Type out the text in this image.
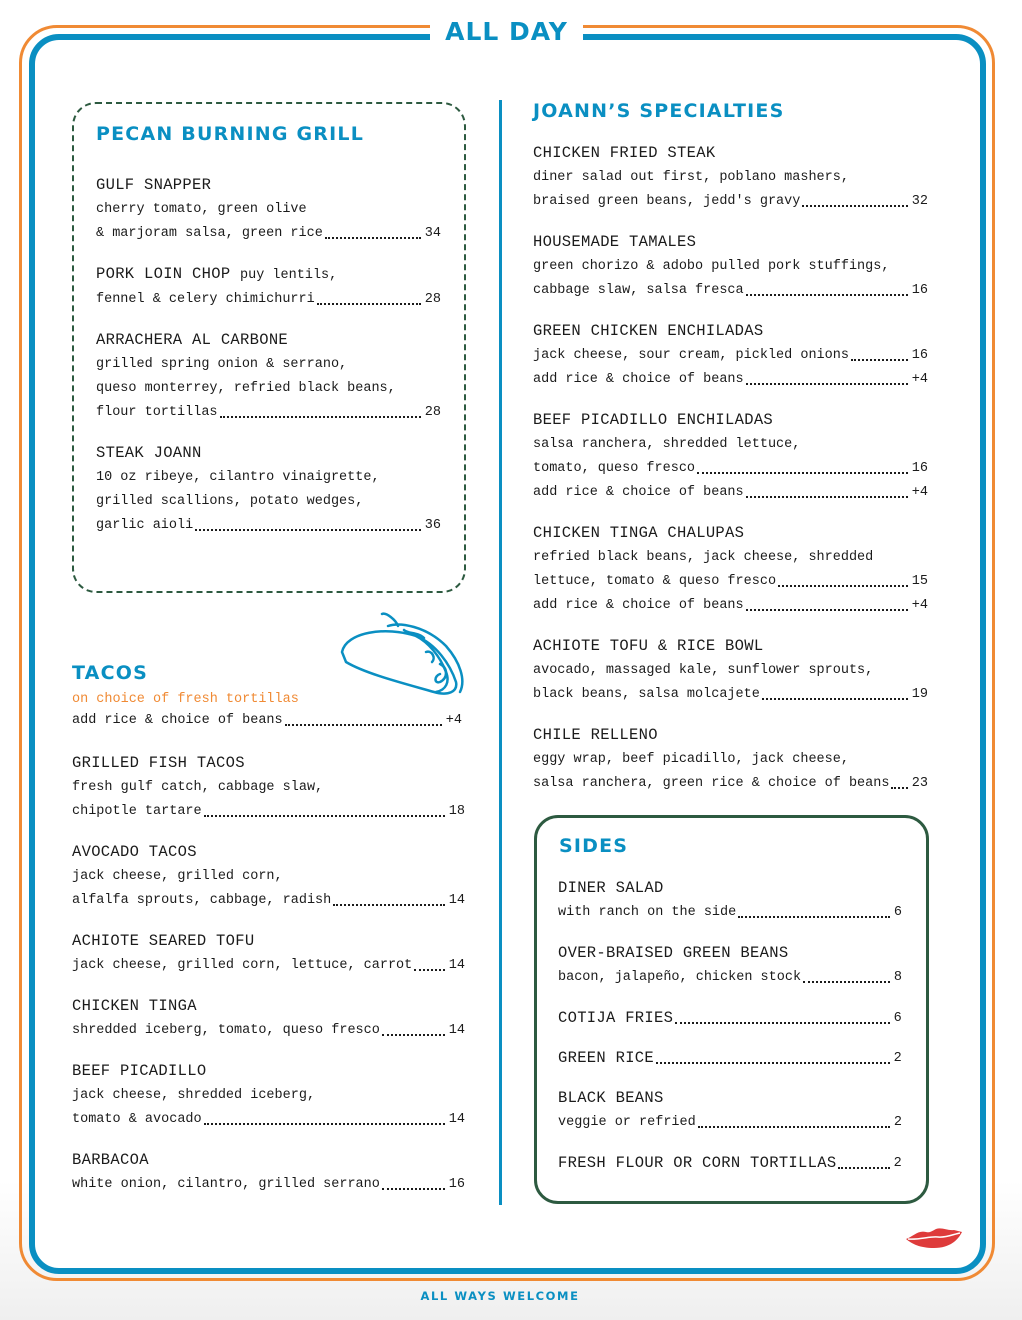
ALL DAY
PECAN BURNING GRILL
GULF SNAPPER
cherry tomato, green olive
& marjoram salsa, green rice	34
PORK LOIN CHOP puy lentils,
fennel & celery chimichurri	28
ARRACHERA AL CARBONE
grilled spring onion & serrano,
queso monterrey, refried black beans,
flour tortillas	28
STEAK JOANN
10 oz ribeye, cilantro vinaigrette,
grilled scallions, potato wedges,
garlic aioli	36
TACOS
on choice of fresh tortillas
add rice & choice of beans	+4
GRILLED FISH TACOS
fresh gulf catch, cabbage slaw,
chipotle tartare	18
AVOCADO TACOS
jack cheese, grilled corn,
alfalfa sprouts, cabbage, radish	14
ACHIOTE SEARED TOFU
jack cheese, grilled corn, lettuce, carrot	14
CHICKEN TINGA
shredded iceberg, tomato, queso fresco	14
BEEF PICADILLO
jack cheese, shredded iceberg,
tomato & avocado	14
BARBACOA
white onion, cilantro, grilled serrano	16
JOANN’S SPECIALTIES
CHICKEN FRIED STEAK
diner salad out first, poblano mashers,
braised green beans, jedd's gravy	32
HOUSEMADE TAMALES
green chorizo & adobo pulled pork stuffings,
cabbage slaw, salsa fresca	16
GREEN CHICKEN ENCHILADAS
jack cheese, sour cream, pickled onions	16
add rice & choice of beans	+4
BEEF PICADILLO ENCHILADAS
salsa ranchera, shredded lettuce,
tomato, queso fresco	16
add rice & choice of beans	+4
CHICKEN TINGA CHALUPAS
refried black beans, jack cheese, shredded
lettuce, tomato & queso fresco	15
add rice & choice of beans	+4
ACHIOTE TOFU & RICE BOWL
avocado, massaged kale, sunflower sprouts,
black beans, salsa molcajete	19
CHILE RELLENO
eggy wrap, beef picadillo, jack cheese,
salsa ranchera, green rice & choice of beans 23
SIDES
DINER SALAD
with ranch on the side	6
OVER-BRAISED GREEN BEANS
bacon, jalapeño, chicken stock	8
COTIJA FRIES	6
GREEN RICE	2
BLACK BEANS
veggie or refried	2
FRESH FLOUR OR CORN TORTILLAS	2
ALL WAYS WELCOME
